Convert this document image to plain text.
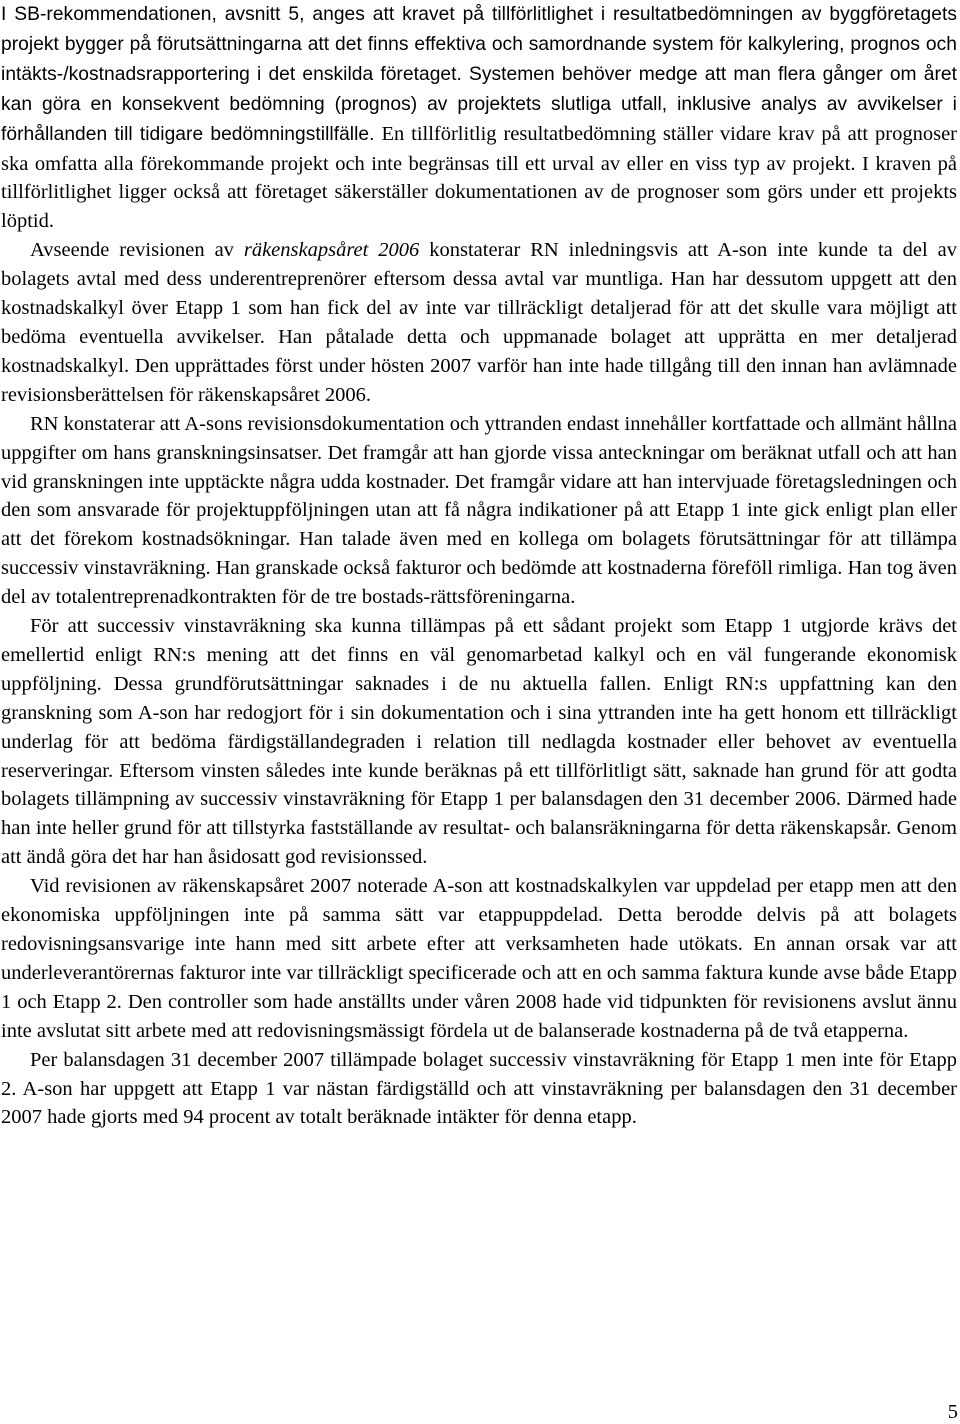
I SB-rekommendationen, avsnitt 5, anges att kravet på tillförlitlighet i resultatbedömningen av byggföretagets projekt bygger på förutsättningarna att det finns effektiva och samordnande system för kalkylering, prognos och intäkts-/kostnadsrapportering i det enskilda företaget. Systemen behöver medge att man flera gånger om året kan göra en konsekvent bedömning (prognos) av projektets slutliga utfall, inklusive analys av avvikelser i förhållanden till tidigare bedömningstillfälle. En tillförlitlig resultatbedömning ställer vidare krav på att prognoser ska omfatta alla förekommande projekt och inte begränsas till ett urval av eller en viss typ av projekt. I kraven på tillförlitlighet ligger också att företaget säkerställer dokumentationen av de prognoser som görs under ett projekts löptid.

Avseende revisionen av räkenskapsåret 2006 konstaterar RN inledningsvis att A-son inte kunde ta del av bolagets avtal med dess underentreprenörer eftersom dessa avtal var muntliga. Han har dessutom uppgett att den kostnadskalkyl över Etapp 1 som han fick del av inte var tillräckligt detaljerad för att det skulle vara möjligt att bedöma eventuella avvikelser. Han påtalade detta och uppmanade bolaget att upprätta en mer detaljerad kostnadskalkyl. Den upprättades först under hösten 2007 varför han inte hade tillgång till den innan han avlämnade revisionsberättelsen för räkenskapsåret 2006.

RN konstaterar att A-sons revisionsdokumentation och yttranden endast innehåller kortfattade och allmänt hållna uppgifter om hans granskningsinsatser. Det framgår att han gjorde vissa anteckningar om beräknat utfall och att han vid granskningen inte upptäckte några udda kostnader. Det framgår vidare att han intervjuade företagsledningen och den som ansvarade för projektuppföljningen utan att få några indikationer på att Etapp 1 inte gick enligt plan eller att det förekom kostnadsökningar. Han talade även med en kollega om bolagets förutsättningar för att tillämpa successiv vinstavräkning. Han granskade också fakturor och bedömde att kostnaderna föreföll rimliga. Han tog även del av totalentreprenadkontrakten för de tre bostads-rättsföreningarna.

För att successiv vinstavräkning ska kunna tillämpas på ett sådant projekt som Etapp 1 utgjorde krävs det emellertid enligt RN:s mening att det finns en väl genomarbetad kalkyl och en väl fungerande ekonomisk uppföljning. Dessa grundförutsättningar saknades i de nu aktuella fallen. Enligt RN:s uppfattning kan den granskning som A-son har redogjort för i sin dokumentation och i sina yttranden inte ha gett honom ett tillräckligt underlag för att bedöma färdigställandegraden i relation till nedlagda kostnader eller behovet av eventuella reserveringar. Eftersom vinsten således inte kunde beräknas på ett tillförlitligt sätt, saknade han grund för att godta bolagets tillämpning av successiv vinstavräkning för Etapp 1 per balansdagen den 31 december 2006. Därmed hade han inte heller grund för att tillstyrka fastställande av resultat- och balansräkningarna för detta räkenskapsår. Genom att ändå göra det har han åsidosatt god revisionssed.

Vid revisionen av räkenskapsåret 2007 noterade A-son att kostnadskalkylen var uppdelad per etapp men att den ekonomiska uppföljningen inte på samma sätt var etappuppdelad. Detta berodde delvis på att bolagets redovisningsansvarige inte hann med sitt arbete efter att verksamheten hade utökats. En annan orsak var att underleverantörernas fakturor inte var tillräckligt specificerade och att en och samma faktura kunde avse både Etapp 1 och Etapp 2. Den controller som hade anställts under våren 2008 hade vid tidpunkten för revisionens avslut ännu inte avslutat sitt arbete med att redovisningsmässigt fördela ut de balanserade kostnaderna på de två etapperna.

Per balansdagen 31 december 2007 tillämpade bolaget successiv vinstavräkning för Etapp 1 men inte för Etapp 2. A-son har uppgett att Etapp 1 var nästan färdigställd och att vinstavräkning per balansdagen den 31 december 2007 hade gjorts med 94 procent av totalt beräknade intäkter för denna etapp.

5
